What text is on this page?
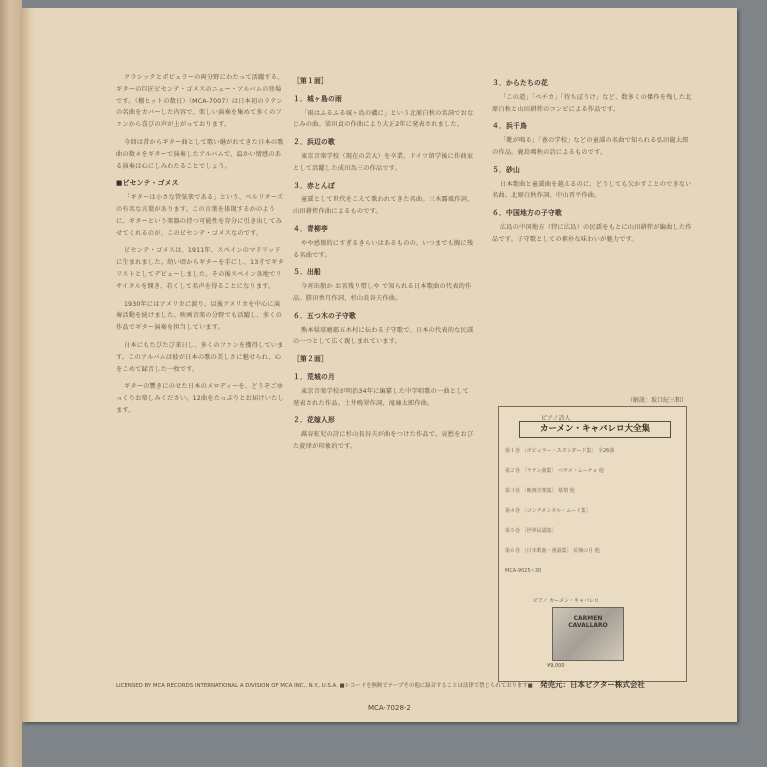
クラシックとポピュラーの両分野にわたって活躍する、ギターの巨匠ビセンテ・ゴメスのニュー・アルバムの登場です。（棚ヒットの数日）（MCA-7007）は日本初のラテンの名曲をカバーした内容で、楽しい演奏を集めて多くのファンから喜びの声が上がっております。

今回は昔からギター曲として歌い継がれてきた日本の歌曲の数々をギターで演奏したアルバムで、温かい情感のある演奏は心にしみわたることでしょう。

■ビセンテ・ゴメス

「ギターは小さな管弦楽である」という、ベルリオーズの有名な言葉があります。この言葉を体現するかのように、ギターという楽器の持つ可能性を存分に引き出してみせてくれるのが、このビセンテ・ゴメスなのです。

ビセンテ・ゴメスは、1911年、スペインのマドリッドに生まれました。幼い頃からギターを手にし、13才でギタリストとしてデビューしました。その後スペイン各地でリサイタルを開き、若くして名声を得ることになります。

1930年にはアメリカに渡り、以後アメリカを中心に演奏活動を続けました。映画音楽の分野でも活躍し、多くの作品でギター演奏を担当しています。

日本にもたびたび来日し、多くのファンを獲得しています。このアルバムは彼が日本の歌の美しさに魅せられ、心をこめて録音した一枚です。

ギターの響きにのせた日本のメロディーを、どうぞごゆっくりお楽しみください。12曲をたっぷりとお届けいたします。

［第１面］
１．城ヶ島の雨

「雨はふるふる城ヶ島の磯に」という北原白秋の名詞でおなじみの曲。梁田貞の作曲により大正2年に発表されました。

２．浜辺の歌

東京音楽学校（現在の芸大）を卒業、ドイツ留学後に作曲家として活躍した成田為三の作品です。

３．赤とんぼ

童謡として世代をこえて歌われてきた名曲。三木露風作詞、山田耕筰作曲によるものです。

４．青柳亭

やや感傷的にすぎるきらいはあるものの、いつまでも胸に残る名曲です。

５．出船

今宵出船か お名残り惜しや で知られる日本歌曲の代表的作品。勝田香月作詞、杉山長谷夫作曲。

６．五つ木の子守歌

熊本県球磨郡五木村に伝わる子守歌で、日本の代表的な民謡の一つとして広く親しまれています。

［第２面］
１．荒城の月

東京音楽学校が明治34年に編纂した中学唱歌の一曲として発表された作品。土井晩翠作詞、滝廉太郎作曲。

２．花嫁人形

蕗谷虹児の詩に杉山長谷夫が曲をつけた作品で、哀愁をおびた旋律が印象的です。

３．からたちの花

「この道」「ペチカ」「待ちぼうけ」など、数多くの傑作を残した北原白秋と山田耕筰のコンビによる作品です。

４．浜千鳥

「靴が鳴る」「雀の学校」などの童謡の名曲で知られる弘田龍太郎の作品。鹿島鳴秋の詩によるものです。

５．砂山

日本歌曲と童謡曲を越えるのに、どうしても欠かすことのできない名曲。北原白秋作詞、中山晋平作曲。

６．中国地方の子守歌

広島の中国地方（特に広島）の民謡をもとに山田耕筰が編曲した作品です。子守歌としての素朴な味わいが魅力です。

（解説：坂口紀三和）
ピアノ詩人
カーメン・キャバレロ大全集
第１巻 ［ポピュラー・スタンダード集］ 全26曲
第２巻 ［ラテン曲集］ ベサメ・ムーチョ 他
第３巻 ［映画音楽集］ 慕情 他
第４巻 ［コンチネンタル・ムード集］
第５巻 ［世界民謡集］
第６巻 ［日本歌曲・童謡集］ 荒城の月 他
MCA-9025~30
ピアノ カーメン・キャバレロ
CARMEN CAVALLARO
¥9,000
LICENSED BY MCA RECORDS INTERNATIONAL A DIVISION OF MCA INC., N.Y., U.S.A. ■レコードを無断でテープその他に録音することは法律で禁じられております■ 発売元：日本ビクター株式会社
MCA-7028-2
